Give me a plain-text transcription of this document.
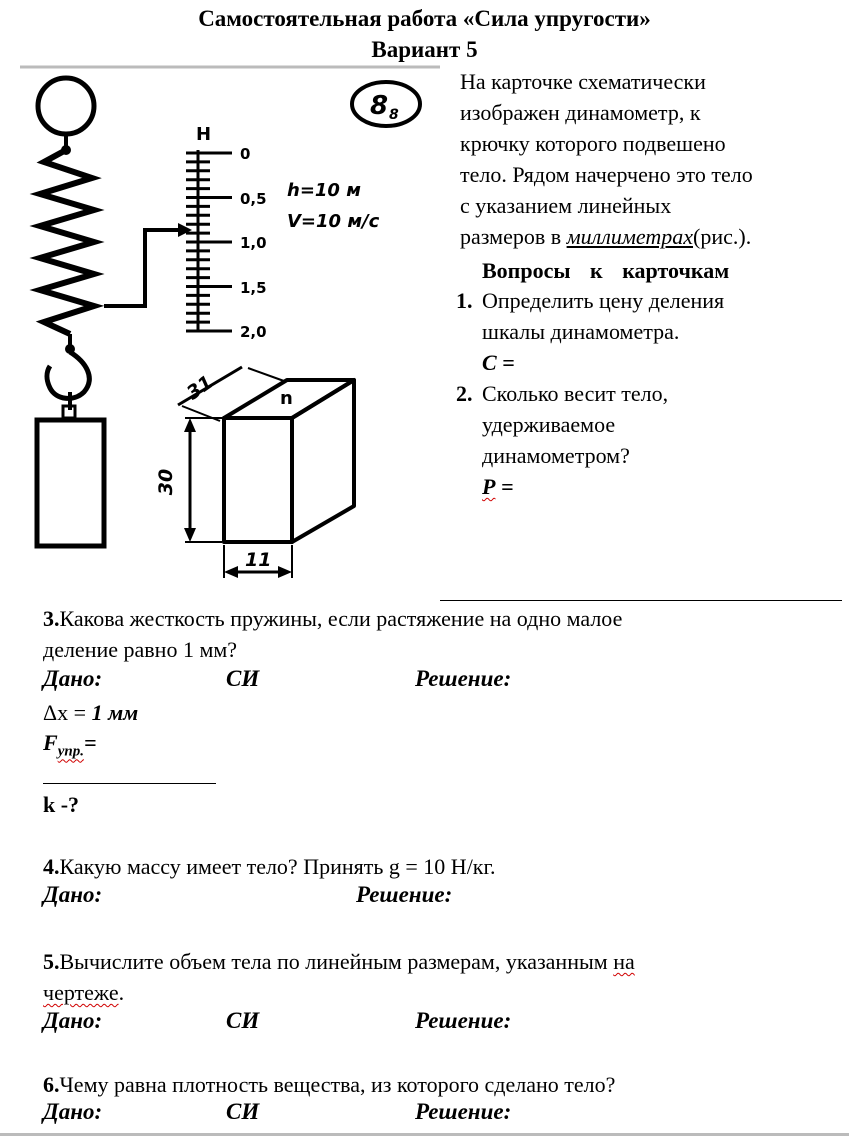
Самостоятельная работа «Сила упругости»
Вариант 5
Н
0
0,5
1,0
1,5
2,0
h=10 м
V=10 м/с
8 8
31	n
30
11
На карточке схематически
изображен динамометр, к
крючку которого подвешено
тело. Рядом начерчено это тело
с указанием линейных
размеров в миллиметрах(рис.).
Вопросы к карточкам
1. Определить цену деления
шкалы динамометра.
С =
2. Сколько весит тело,
удерживаемое
динамометром?
Р =
3.Какова жесткость пружины, если растяжение на одно малое
деление равно 1 мм?
Дано:	СИ	Решение:
Δx = 1 мм
$F_{упр.}=$
k -?
4.Какую массу имеет тело? Принять g = 10 Н/кг.
Дано:	Решение:
5.Вычислите объем тела по линейным размерам, указанным на
чертеже.
Дано:	СИ	Решение:
6.Чему равна плотность вещества, из которого сделано тело?
Дано:	СИ	Решение:
